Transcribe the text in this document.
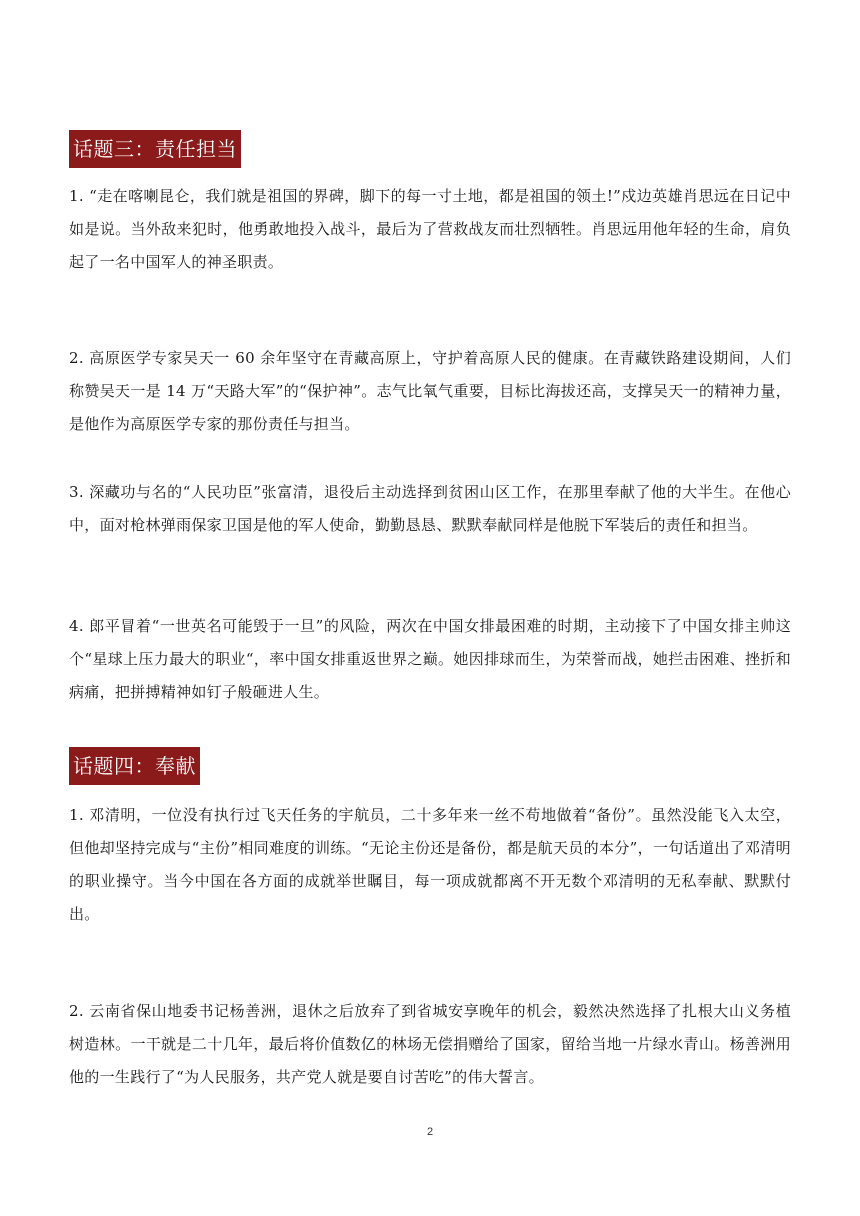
话题三：责任担当

1. “走在喀喇昆仑，我们就是祖国的界碑，脚下的每一寸土地，都是祖国的领土!”戍边英雄肖思远在日记中如是说。当外敌来犯时，他勇敢地投入战斗，最后为了营救战友而壮烈牺牲。肖思远用他年轻的生命，肩负起了一名中国军人的神圣职责。

2. 高原医学专家吴天一 60 余年坚守在青藏高原上，守护着高原人民的健康。在青藏铁路建设期间，人们称赞吴天一是 14 万“天路大军”的“保护神”。志气比氧气重要，目标比海拔还高，支撑吴天一的精神力量，是他作为高原医学专家的那份责任与担当。

3. 深藏功与名的“人民功臣”张富清，退役后主动选择到贫困山区工作，在那里奉献了他的大半生。在他心中，面对枪林弹雨保家卫国是他的军人使命，勤勤恳恳、默默奉献同样是他脱下军装后的责任和担当。

4. 郎平冒着“一世英名可能毁于一旦”的风险，两次在中国女排最困难的时期，主动接下了中国女排主帅这个“星球上压力最大的职业“，率中国女排重返世界之巅。她因排球而生，为荣誉而战，她拦击困难、挫折和病痛，把拼搏精神如钉子般砸进人生。

话题四：奉献

1. 邓清明，一位没有执行过飞天任务的宇航员，二十多年来一丝不苟地做着“备份”。虽然没能飞入太空，但他却坚持完成与“主份”相同难度的训练。“无论主份还是备份，都是航天员的本分”，一句话道出了邓清明的职业操守。当今中国在各方面的成就举世瞩目，每一项成就都离不开无数个邓清明的无私奉献、默默付出。

2. 云南省保山地委书记杨善洲，退休之后放弃了到省城安享晚年的机会，毅然决然选择了扎根大山义务植树造林。一干就是二十几年，最后将价值数亿的林场无偿捐赠给了国家，留给当地一片绿水青山。杨善洲用他的一生践行了“为人民服务，共产党人就是要自讨苦吃”的伟大誓言。

2
